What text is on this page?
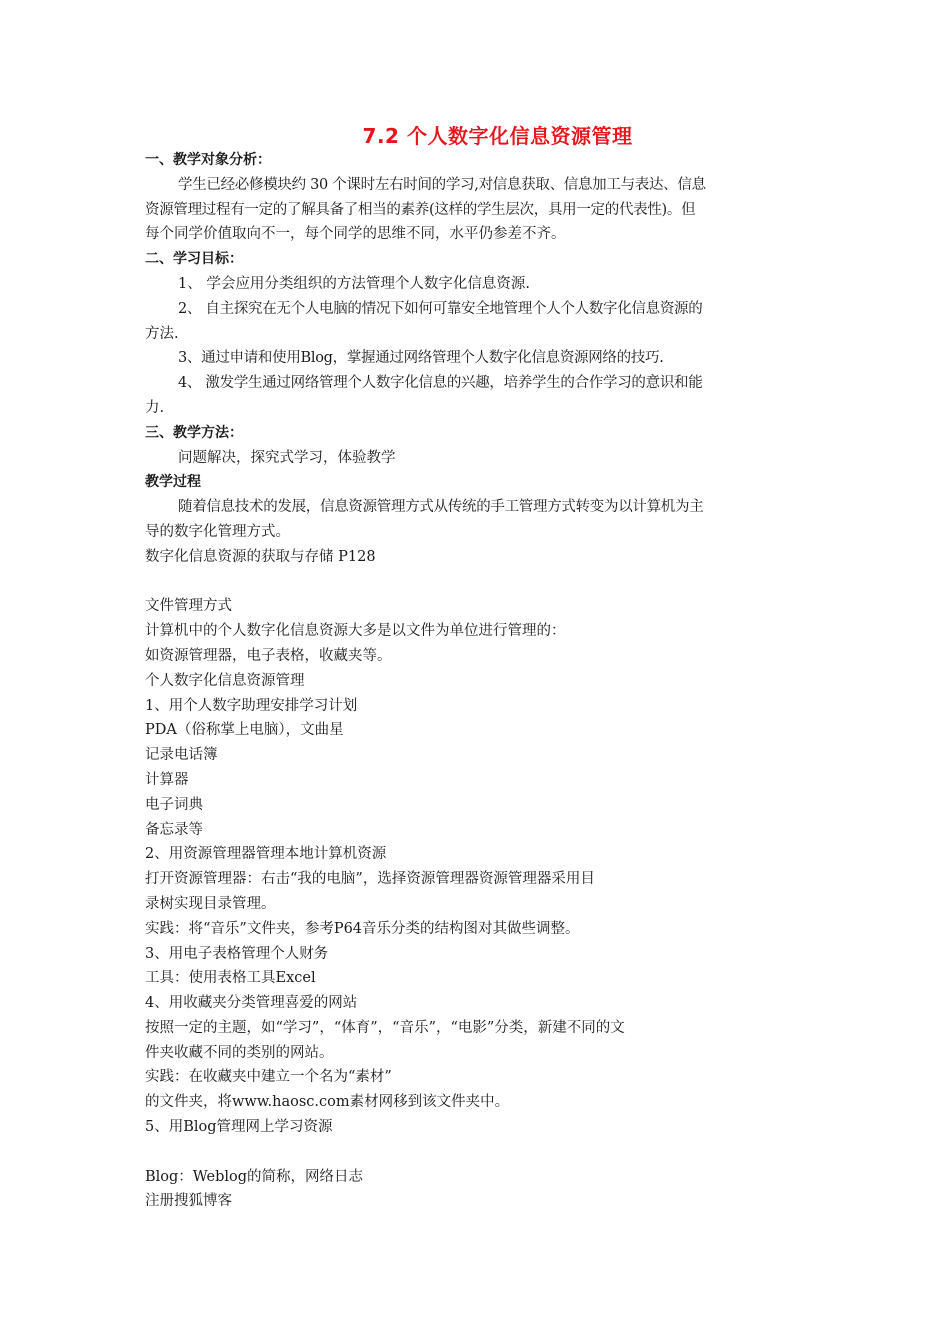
7.2 个人数字化信息资源管理
一、教学对象分析：
学生已经必修模块约 30 个课时左右时间的学习,对信息获取、信息加工与表达、信息
资源管理过程有一定的了解具备了相当的素养(这样的学生层次，具用一定的代表性)。但
每个同学价值取向不一，每个同学的思维不同，水平仍参差不齐。
二、学习目标：
1、 学会应用分类组织的方法管理个人数字化信息资源.
2、 自主探究在无个人电脑的情况下如何可靠安全地管理个人个人数字化信息资源的
方法.
3、通过申请和使用Blog，掌握通过网络管理个人数字化信息资源网络的技巧.
4、 激发学生通过网络管理个人数字化信息的兴趣，培养学生的合作学习的意识和能
力.
三、教学方法：
问题解决，探究式学习，体验教学
教学过程
随着信息技术的发展，信息资源管理方式从传统的手工管理方式转变为以计算机为主
导的数字化管理方式。
数字化信息资源的获取与存储 P128
文件管理方式
计算机中的个人数字化信息资源大多是以文件为单位进行管理的：
如资源管理器，电子表格，收藏夹等。
个人数字化信息资源管理
1、用个人数字助理安排学习计划
PDA（俗称掌上电脑），文曲星
记录电话簿
计算器
电子词典
备忘录等
2、用资源管理器管理本地计算机资源
打开资源管理器：右击“我的电脑”，选择资源管理器资源管理器采用目
录树实现目录管理。
实践：将“音乐”文件夹，参考P64音乐分类的结构图对其做些调整。
3、用电子表格管理个人财务
工具：使用表格工具Excel
4、用收藏夹分类管理喜爱的网站
按照一定的主题，如“学习”，“体育”，“音乐”，“电影”分类，新建不同的文
件夹收藏不同的类别的网站。
实践：在收藏夹中建立一个名为“素材”
的文件夹，将www.haosc.com素材网移到该文件夹中。
5、用Blog管理网上学习资源
Blog：Weblog的简称，网络日志
注册搜狐博客
